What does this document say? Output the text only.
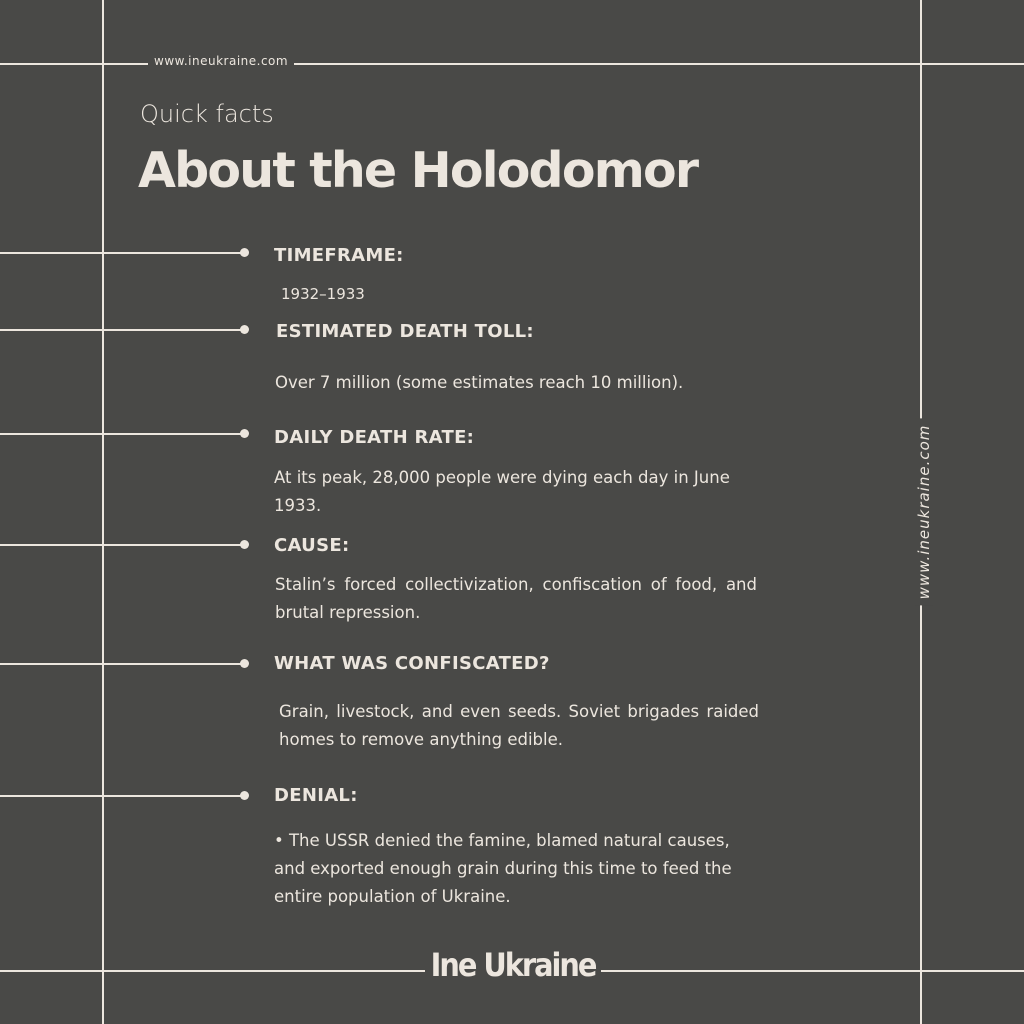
www.ineukraine.com
Quick facts
About the Holodomor
TIMEFRAME:
1932–1933
ESTIMATED DEATH TOLL:
Over 7 million (some estimates reach 10 million).
DAILY DEATH RATE:
At its peak, 28,000 people were dying each day in June 1933.
CAUSE:
Stalin’s forced collectivization, confiscation of food, and brutal repression.
WHAT WAS CONFISCATED?
Grain, livestock, and even seeds. Soviet brigades raided homes to remove anything edible.
DENIAL:
• The USSR denied the famine, blamed natural causes, and exported enough grain during this time to feed the entire population of Ukraine.
www.ineukraine.com
Ine Ukraine
